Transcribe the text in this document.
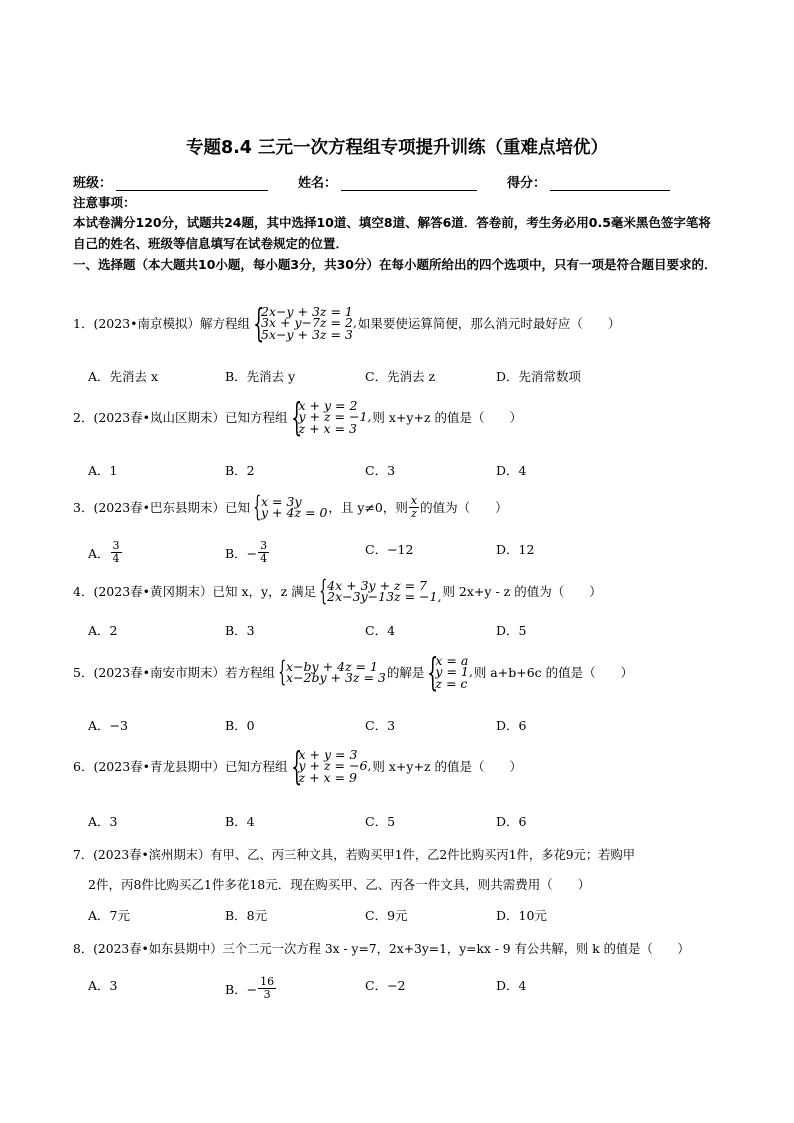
专题8.4 三元一次方程组专项提升训练（重难点培优）
班级：	姓名：	得分：
注意事项：
本试卷满分120分，试题共24题，其中选择10道、填空8道、解答6道．答卷前，考生务必用0.5毫米黑色签字笔将自己的姓名、班级等信息填写在试卷规定的位置．
一、选择题（本大题共10小题，每小题3分，共30分）在每小题所给出的四个选项中，只有一项是符合题目要求的．
1．(2023•南京模拟）解方程组 {
2x−y + 3z = 1
3x + y−7z = 2,
5x−y + 3z = 3
如果要使运算简便，那么消元时最好应（　　）
A．先消去 x	B．先消去 y	C．先消去 z	D．先消常数项
2．(2023春•岚山区期末）已知方程组 {
x + y = 2
y + z = −1,
z + x = 3
则 x+y+z 的值是（　　）
A．1	B．2	C．3	D．4
3．(2023春•巴东县期末）已知 { x = 3y
y + 4z = 0 ，且 y≠0，则 $\frac{x}{z}$ 的值为（　　）
A． $\frac{3}{4}$	B．− $\frac{3}{4}$	C．−12	D．12
4．(2023春•黄冈期末）已知 x，y，z 满足 { 4x + 3y + z = 7
2x−3y−13z = −1, 则 2x+y - z 的值为（　　）
A．2	B．3	C．4	D．5
5．(2023春•南安市期末）若方程组 { x−by + 4z = 1
x−2by + 3z = 3 的解是 {
x = a
y = 1,
z = c
则 a+b+6c 的值是（　　）
A．−3	B．0	C．3	D．6
6．(2023春•青龙县期中）已知方程组 {
x + y = 3
y + z = −6,
z + x = 9
则 x+y+z 的值是（　　）
A．3	B．4	C．5	D．6
7．(2023春•滨州期末）有甲、乙、丙三种文具，若购买甲1件，乙2件比购买丙1件，多花9元；若购甲
2件，丙8件比购买乙1件多花18元．现在购买甲、乙、丙各一件文具，则共需费用（　　）
A．7元	B．8元	C．9元	D．10元
8．(2023春•如东县期中）三个二元一次方程 3x - y=7，2x+3y=1，y=kx - 9 有公共解，则 k 的值是（　　）
A．3	B．− $\frac{16}{3}$	C．−2	D．4
